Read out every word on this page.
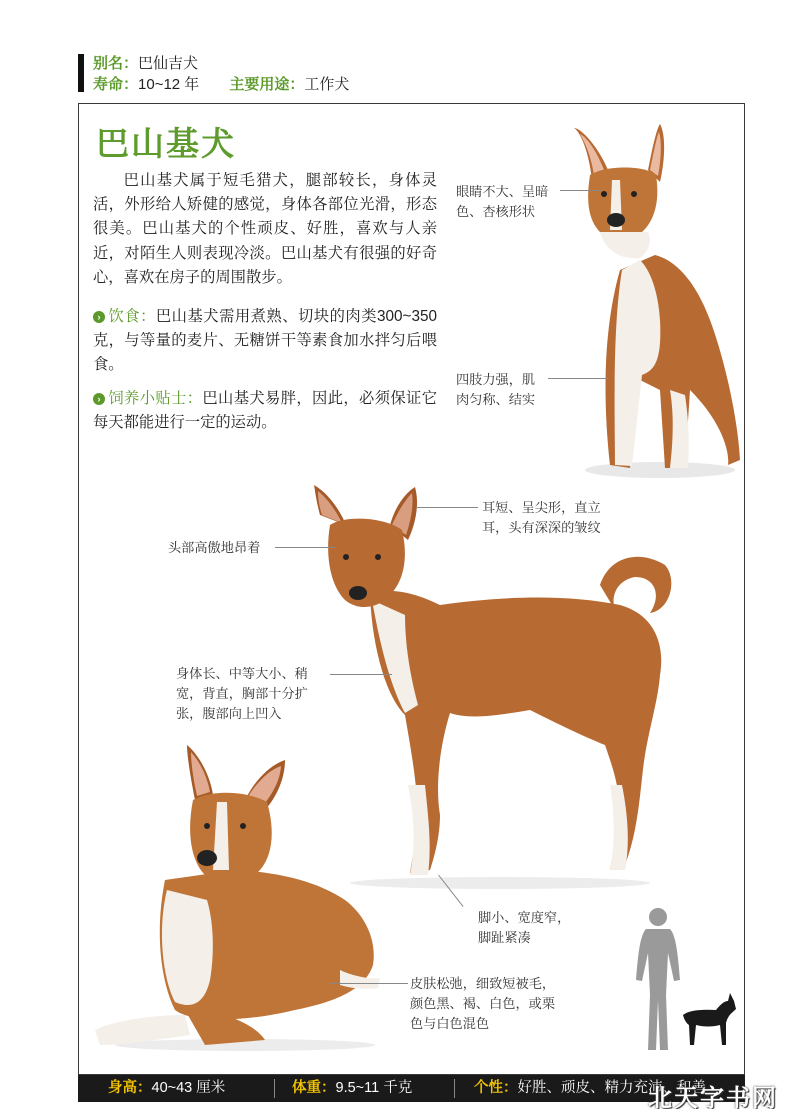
别名：巴仙吉犬
寿命：10~12 年 主要用途：工作犬
巴山基犬

巴山基犬属于短毛猎犬，腿部较长，身体灵活，外形给人矫健的感觉，身体各部位光滑，形态很美。巴山基犬的个性顽皮、好胜，喜欢与人亲近，对陌生人则表现冷淡。巴山基犬有很强的好奇心，喜欢在房子的周围散步。

› 饮食：巴山基犬需用煮熟、切块的肉类300~350克，与等量的麦片、无糖饼干等素食加水拌匀后喂食。

› 饲养小贴士：巴山基犬易胖，因此，必须保证它每天都能进行一定的运动。

眼睛不大、呈暗色、杏核形状
四肢力强，肌肉匀称、结实
耳短、呈尖形，直立耳，头有深深的皱纹
头部高傲地昂着
身体长、中等大小、稍宽，背直，胸部十分扩张，腹部向上凹入
脚小、宽度窄，脚趾紧凑
皮肤松弛，细致短被毛，颜色黑、褐、白色，或栗色与白色混色
身高：40~43 厘米	体重：9.5~11 千克	个性：好胜、顽皮、精力充沛、和善
北天字书网
